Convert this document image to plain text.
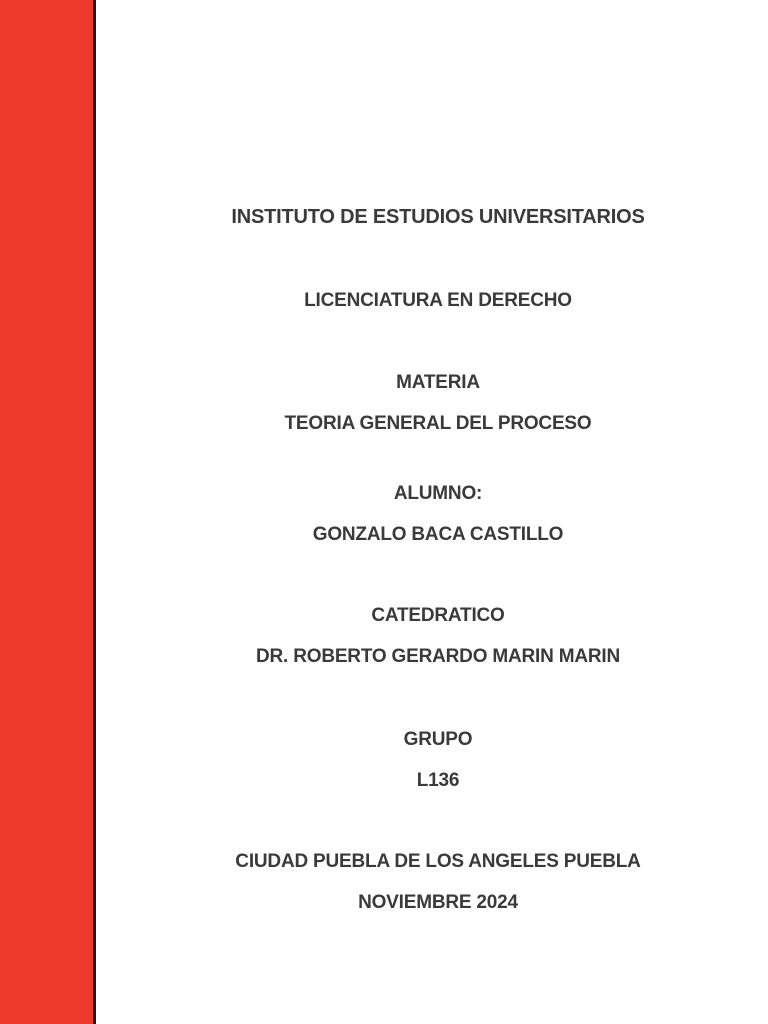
INSTITUTO DE ESTUDIOS UNIVERSITARIOS
LICENCIATURA EN DERECHO
MATERIA
TEORIA GENERAL DEL PROCESO
ALUMNO:
GONZALO BACA CASTILLO
CATEDRATICO
DR. ROBERTO GERARDO MARIN MARIN
GRUPO
L136
CIUDAD PUEBLA DE LOS ANGELES PUEBLA
NOVIEMBRE 2024
